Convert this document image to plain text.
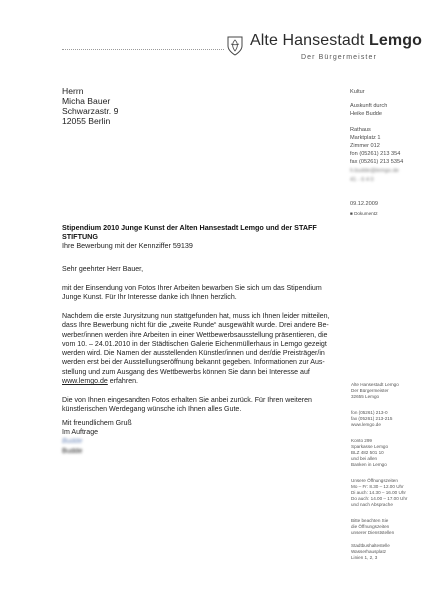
Alte Hansestadt Lemgo
Der Bürgermeister
Herrn
Micha Bauer
Schwarzastr. 9
12055 Berlin
Kultur
Auskunft durch
Heike Budde
Rathaus
Marktplatz 1
Zimmer 012
fon (05261) 213 354
fax (05261) 213 5354
h.budde@lemgo.de
41 - 6 4 0
09.12.2009
■ Dokument2
Stipendium 2010 Junge Kunst der Alten Hansestadt Lemgo und der STAFF STIFTUNG
Ihre Bewerbung mit der Kennziffer 59139
Sehr geehrter Herr Bauer,

mit der Einsendung von Fotos Ihrer Arbeiten bewarben Sie sich um das Stipendium

Junge Kunst. Für Ihr Interesse danke ich Ihnen herzlich.

Nachdem die erste Jurysitzung nun stattgefunden hat, muss ich Ihnen leider mitteilen,

dass Ihre Bewerbung nicht für die „zweite Runde“ ausgewählt wurde. Drei andere Be-

werber/innen werden ihre Arbeiten in einer Wettbewerbsausstellung präsentieren, die

vom 10. – 24.01.2010 in der Städtischen Galerie Eichenmüllerhaus in Lemgo gezeigt

werden wird. Die Namen der ausstellenden Künstler/innen und der/die Preisträger/in

werden erst bei der Ausstellungseröffnung bekannt gegeben. Informationen zur Aus-

stellung und zum Ausgang des Wettbewerbs können Sie dann bei Interesse auf

www.lemgo.de erfahren.

Die von Ihnen eingesandten Fotos erhalten Sie anbei zurück. Für Ihren weiteren

künstlerischen Werdegang wünsche ich Ihnen alles Gute.

Mit freundlichem Gruß
Im Auftrage
Budde
Budde
Alte Hansestadt Lemgo
Der Bürgermeister
32655 Lemgo
fon (05261) 213-0
fax (05261) 213-215
www.lemgo.de
Konto 299
Sparkasse Lemgo
BLZ 482 501 10
und bei allen
Banken in Lemgo
Unsere Öffnungszeiten
Mo – Fr: 8.30 – 12.00 Uhr
Di auch: 14.30 – 16.00 Uhr
Do auch: 14.00 – 17.00 Uhr
und nach Absprache
Bitte beachten Sie
die Öffnungszeiten
unserer Dienststellen
Stadtbushaltestelle
Wasserhausplatz
Linien 1, 2, 3
